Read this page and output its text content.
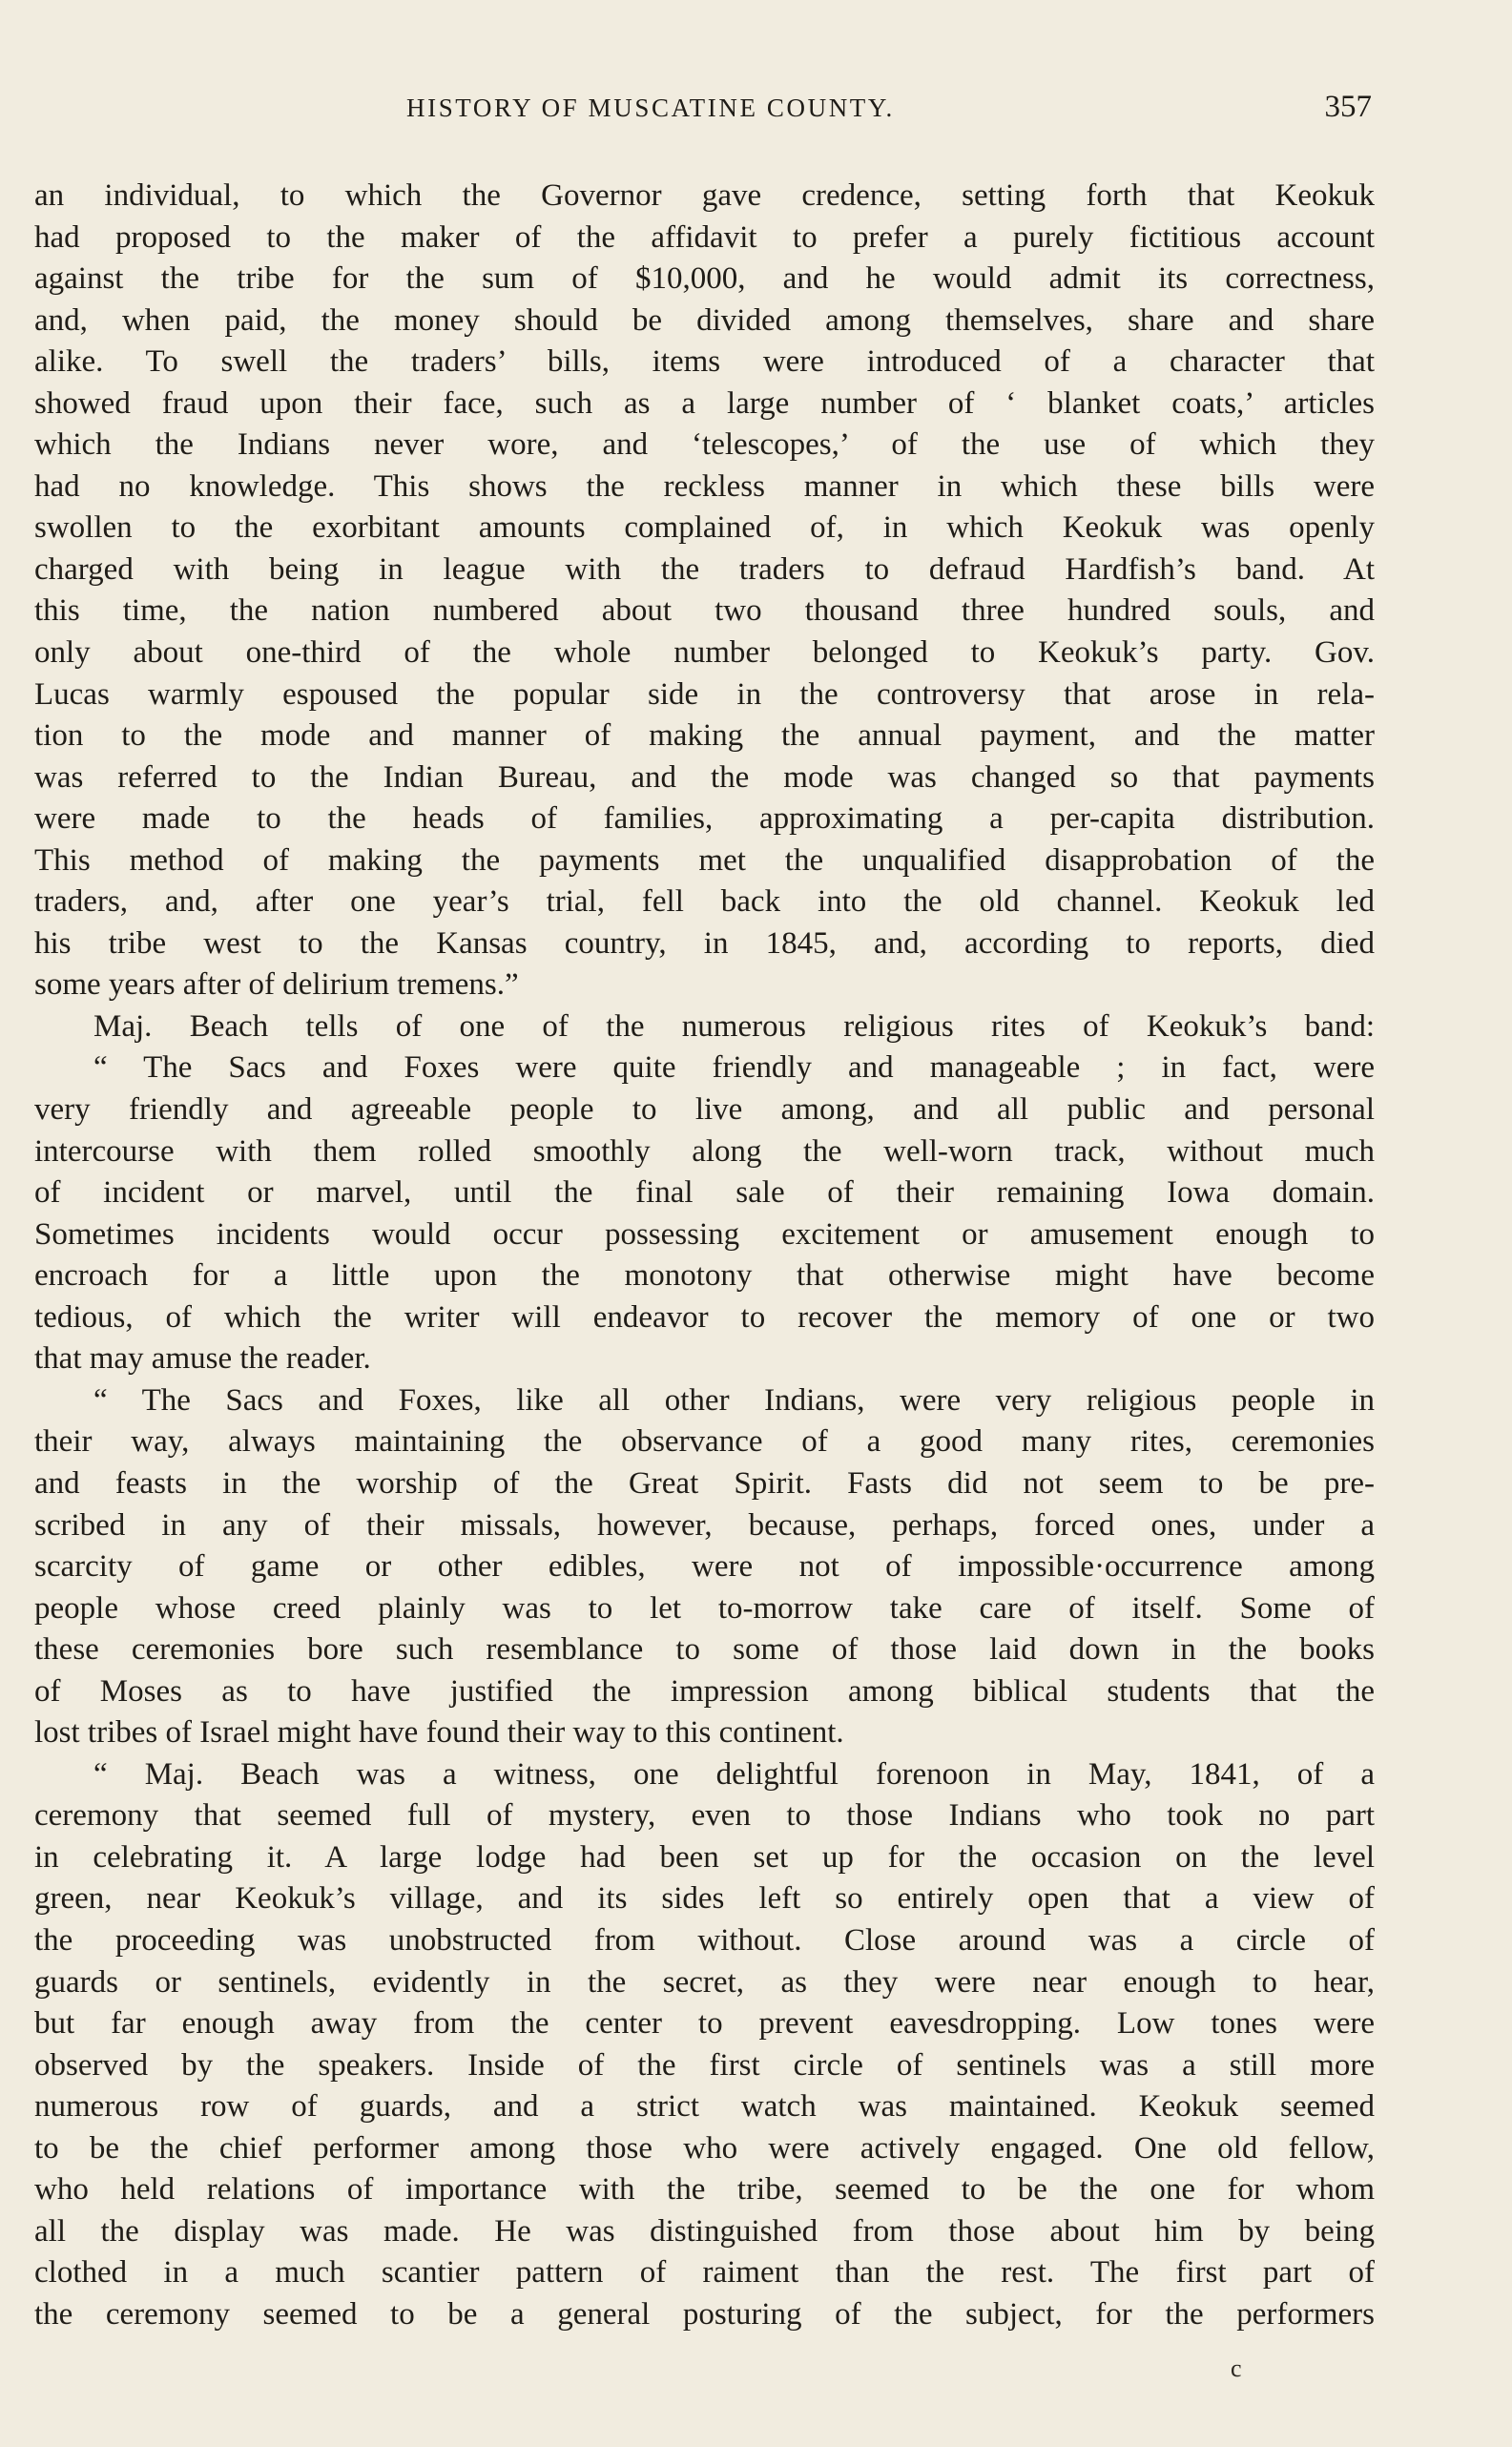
HISTORY OF MUSCATINE COUNTY.	357
an individual, to which the Governor gave credence, setting forth that Keokuk
had proposed to the maker of the affidavit to prefer a purely fictitious account
against the tribe for the sum of $10,000, and he would admit its correctness,
and, when paid, the money should be divided among themselves, share and share
alike. To swell the traders’ bills, items were introduced of a character that
showed fraud upon their face, such as a large number of ‘ blanket coats,’ articles
which the Indians never wore, and ‘telescopes,’ of the use of which they
had no knowledge. This shows the reckless manner in which these bills were
swollen to the exorbitant amounts complained of, in which Keokuk was openly
charged with being in league with the traders to defraud Hardfish’s band. At
this time, the nation numbered about two thousand three hundred souls, and
only about one-third of the whole number belonged to Keokuk’s party. Gov.
Lucas warmly espoused the popular side in the controversy that arose in rela-
tion to the mode and manner of making the annual payment, and the matter
was referred to the Indian Bureau, and the mode was changed so that payments
were made to the heads of families, approximating a per-capita distribution.
This method of making the payments met the unqualified disapprobation of the
traders, and, after one year’s trial, fell back into the old channel. Keokuk led
his tribe west to the Kansas country, in 1845, and, according to reports, died
some years after of delirium tremens.”
Maj. Beach tells of one of the numerous religious rites of Keokuk’s band:
“ The Sacs and Foxes were quite friendly and manageable ; in fact, were
very friendly and agreeable people to live among, and all public and personal
intercourse with them rolled smoothly along the well-worn track, without much
of incident or marvel, until the final sale of their remaining Iowa domain.
Sometimes incidents would occur possessing excitement or amusement enough to
encroach for a little upon the monotony that otherwise might have become
tedious, of which the writer will endeavor to recover the memory of one or two
that may amuse the reader.
“ The Sacs and Foxes, like all other Indians, were very religious people in
their way, always maintaining the observance of a good many rites, ceremonies
and feasts in the worship of the Great Spirit. Fasts did not seem to be pre-
scribed in any of their missals, however, because, perhaps, forced ones, under a
scarcity of game or other edibles, were not of impossible·occurrence among
people whose creed plainly was to let to-morrow take care of itself. Some of
these ceremonies bore such resemblance to some of those laid down in the books
of Moses as to have justified the impression among biblical students that the
lost tribes of Israel might have found their way to this continent.
“ Maj. Beach was a witness, one delightful forenoon in May, 1841, of a
ceremony that seemed full of mystery, even to those Indians who took no part
in celebrating it. A large lodge had been set up for the occasion on the level
green, near Keokuk’s village, and its sides left so entirely open that a view of
the proceeding was unobstructed from without. Close around was a circle of
guards or sentinels, evidently in the secret, as they were near enough to hear,
but far enough away from the center to prevent eavesdropping. Low tones were
observed by the speakers. Inside of the first circle of sentinels was a still more
numerous row of guards, and a strict watch was maintained. Keokuk seemed
to be the chief performer among those who were actively engaged. One old fellow,
who held relations of importance with the tribe, seemed to be the one for whom
all the display was made. He was distinguished from those about him by being
clothed in a much scantier pattern of raiment than the rest. The first part of
the ceremony seemed to be a general posturing of the subject, for the performers
c
